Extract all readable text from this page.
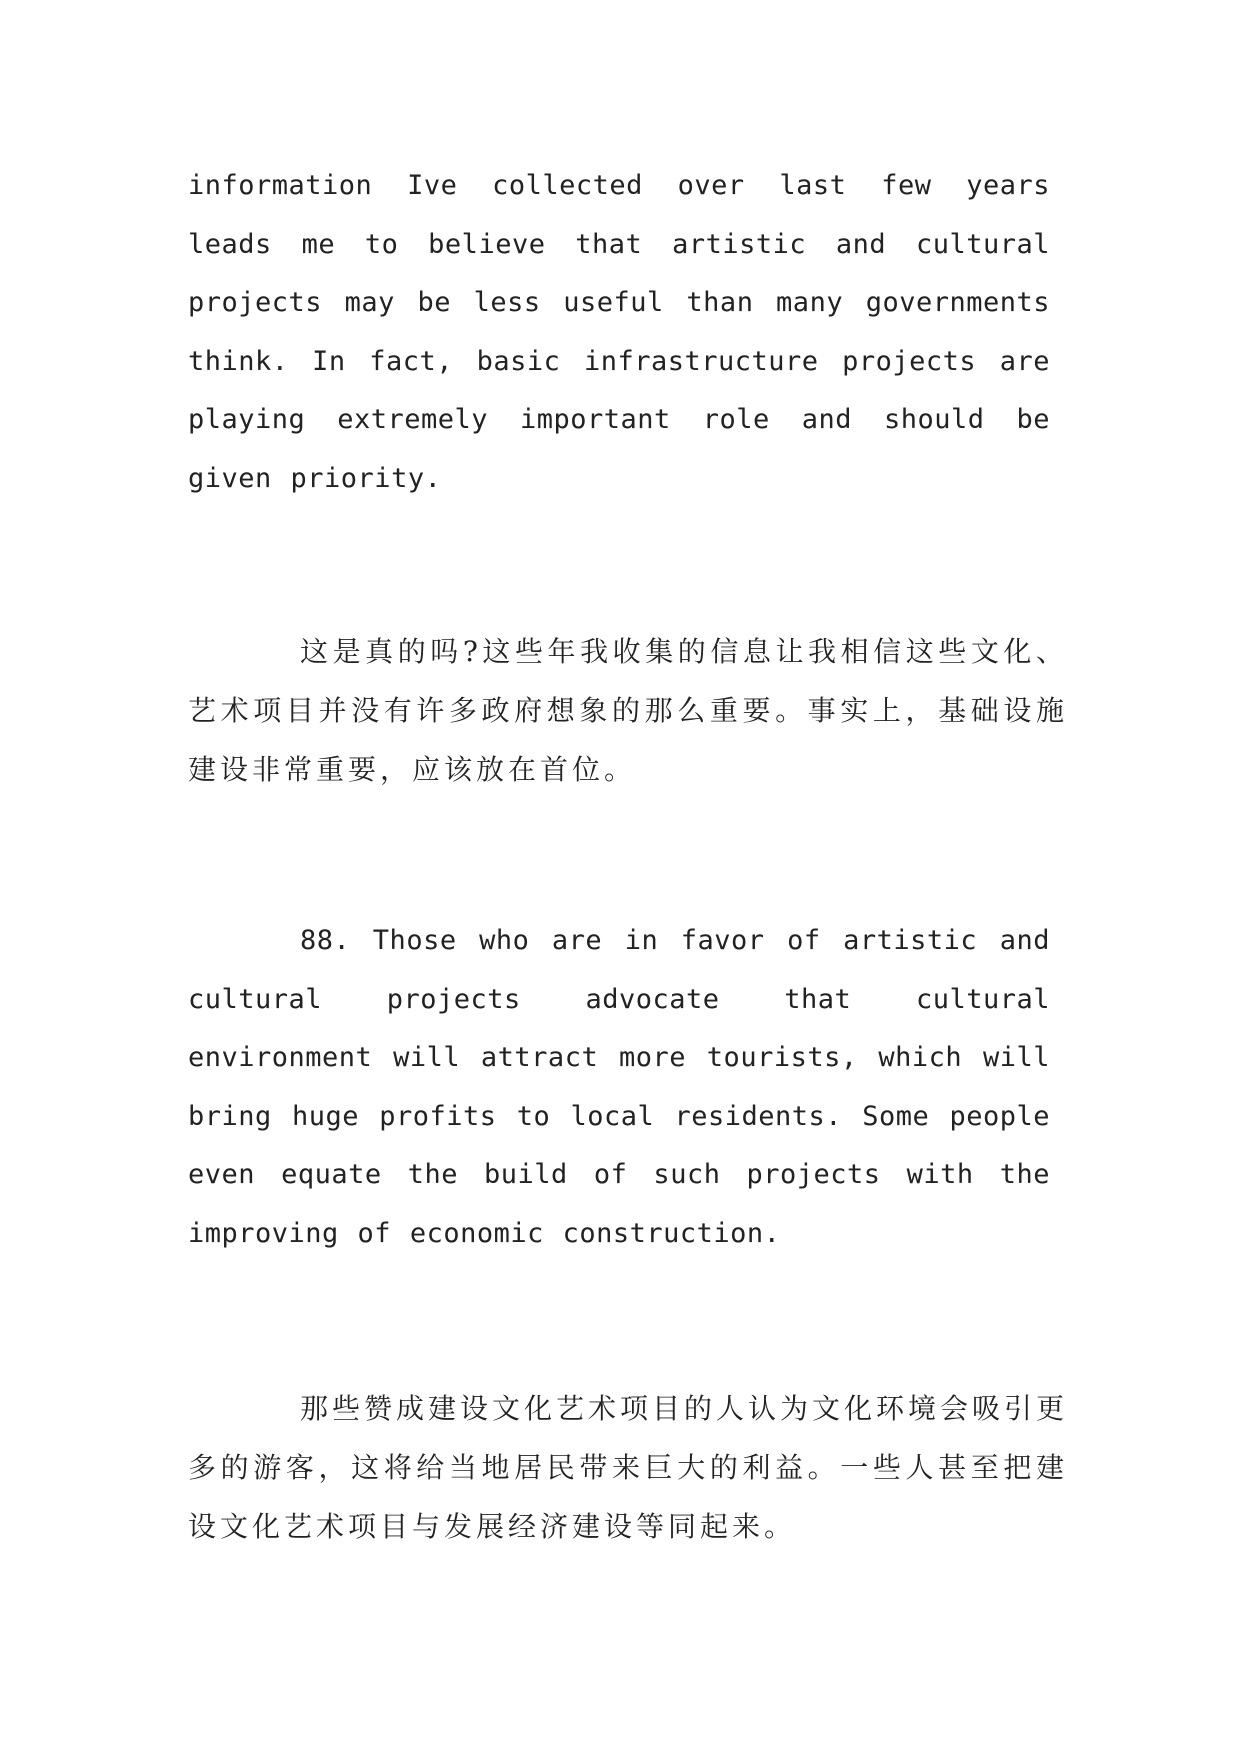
information Ive collected over last few years leads me to believe that artistic and cultural projects may be less useful than many governments think. In fact, basic infrastructure projects are playing extremely important role and should be given priority.

这是真的吗?这些年我收集的信息让我相信这些文化、艺术项目并没有许多政府想象的那么重要。事实上，基础设施建设非常重要，应该放在首位。

88. Those who are in favor of artistic and cultural projects advocate that cultural environment will attract more tourists, which will bring huge profits to local residents. Some people even equate the build of such projects with the improving of economic construction.

那些赞成建设文化艺术项目的人认为文化环境会吸引更多的游客，这将给当地居民带来巨大的利益。一些人甚至把建设文化艺术项目与发展经济建设等同起来。
